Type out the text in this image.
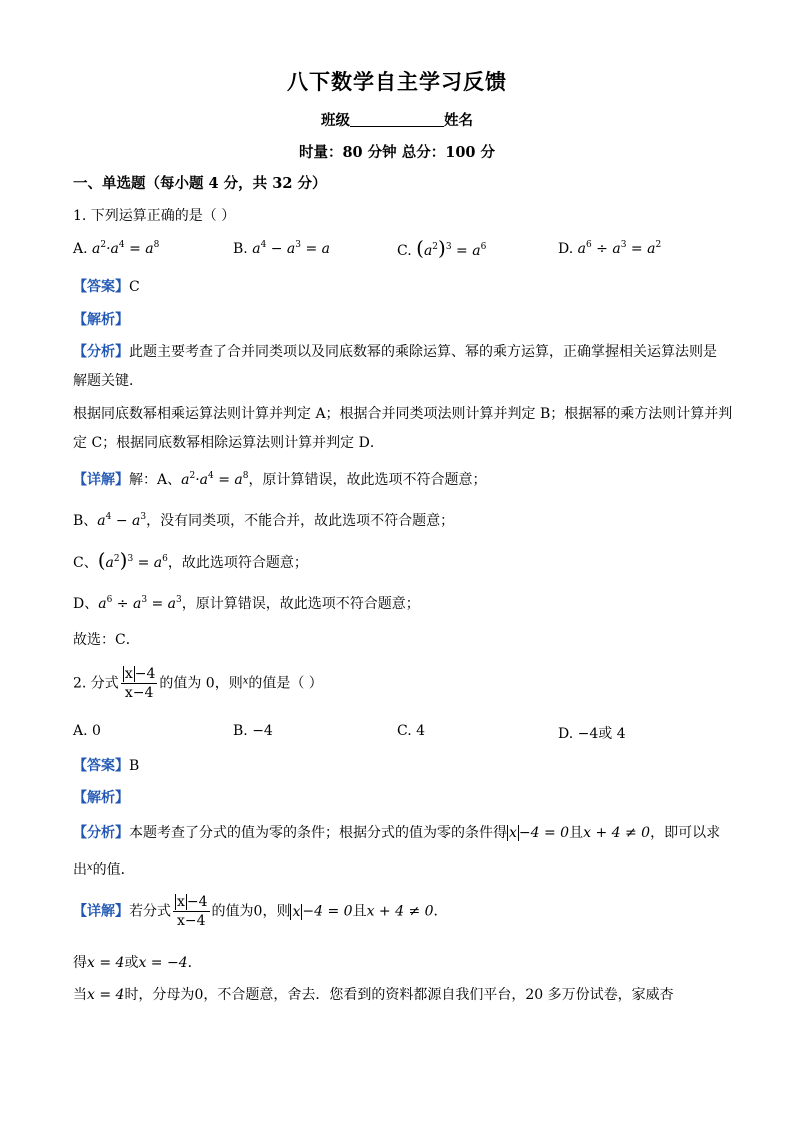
八下数学自主学习反馈
班级	姓名
时量：80 分钟 总分：100 分
一、单选题（每小题 4 分，共 32 分）
1. 下列运算正确的是（ ）
A. $a^2\cdot a^4 = a^8$	B. $a^4 - a^3 = a$	C. $(a^2)^3 = a^6$	D. $a^6 \div a^3 = a^2$
【答案】C
【解析】
【分析】此题主要考查了合并同类项以及同底数幂的乘除运算、幂的乘方运算，正确掌握相关运算法则是
解题关键．
根据同底数幂相乘运算法则计算并判定 A；根据合并同类项法则计算并判定 B；根据幂的乘方法则计算并判
定 C；根据同底数幂相除运算法则计算并判定 D．
【详解】解：A、$a^2\cdot a^4 = a^8$，原计算错误，故此选项不符合题意；
B、$a^4 - a^3$，没有同类项，不能合并，故此选项不符合题意；
C、$(a^2)^3 = a^6$，故此选项符合题意；
D、$a^6 \div a^3 = a^3$，原计算错误，故此选项不符合题意；
故选：C．
2. 分式 $\frac{x -4}{x-4}$ 的值为 0，则$^x$的值是（ ）
A. 0	B. −4	C. 4	D. −4或 4
【答案】B
【解析】
【分析】本题考查了分式的值为零的条件；根据分式的值为零的条件得 x −4 = 0且x + 4 ≠ 0，即可以求
出$^x$的值．
【详解】若分式 $\frac{x -4}{x-4}$ 的值为0，则 x −4 = 0且x + 4 ≠ 0．
得x = 4或x = −4．
当x = 4时，分母为0，不合题意，舍去．您看到的资料都源自我们平台，20 多万份试卷，家威杏
